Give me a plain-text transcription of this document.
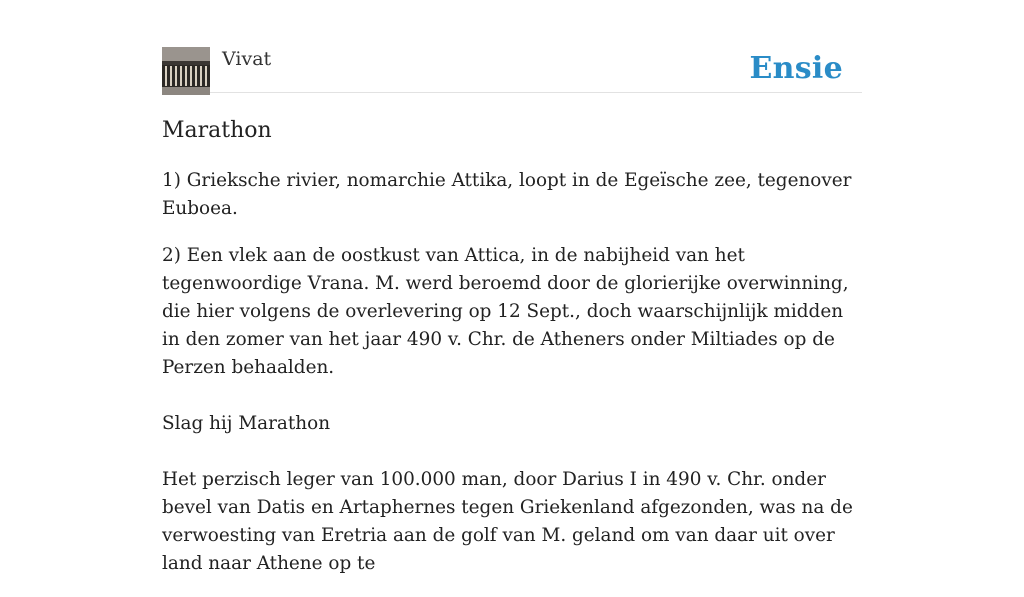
Vivat	Ensie
Marathon

1) Grieksche rivier, nomarchie Attika, loopt in de Egeïsche zee, tegenover Euboea.

2) Een vlek aan de oostkust van Attica, in de nabijheid van het tegenwoordige Vrana. M. werd beroemd door de glorierijke overwinning, die hier volgens de overlevering op 12 Sept., doch waarschijnlijk midden in den zomer van het jaar 490 v. Chr. de Atheners onder Miltiades op de Perzen behaalden.

Slag hij Marathon

Het perzisch leger van 100.000 man, door Darius I in 490 v. Chr. onder bevel van Datis en Artaphernes tegen Griekenland afgezonden, was na de verwoesting van Eretria aan de golf van M. geland om van daar uit over land naar Athene op te
